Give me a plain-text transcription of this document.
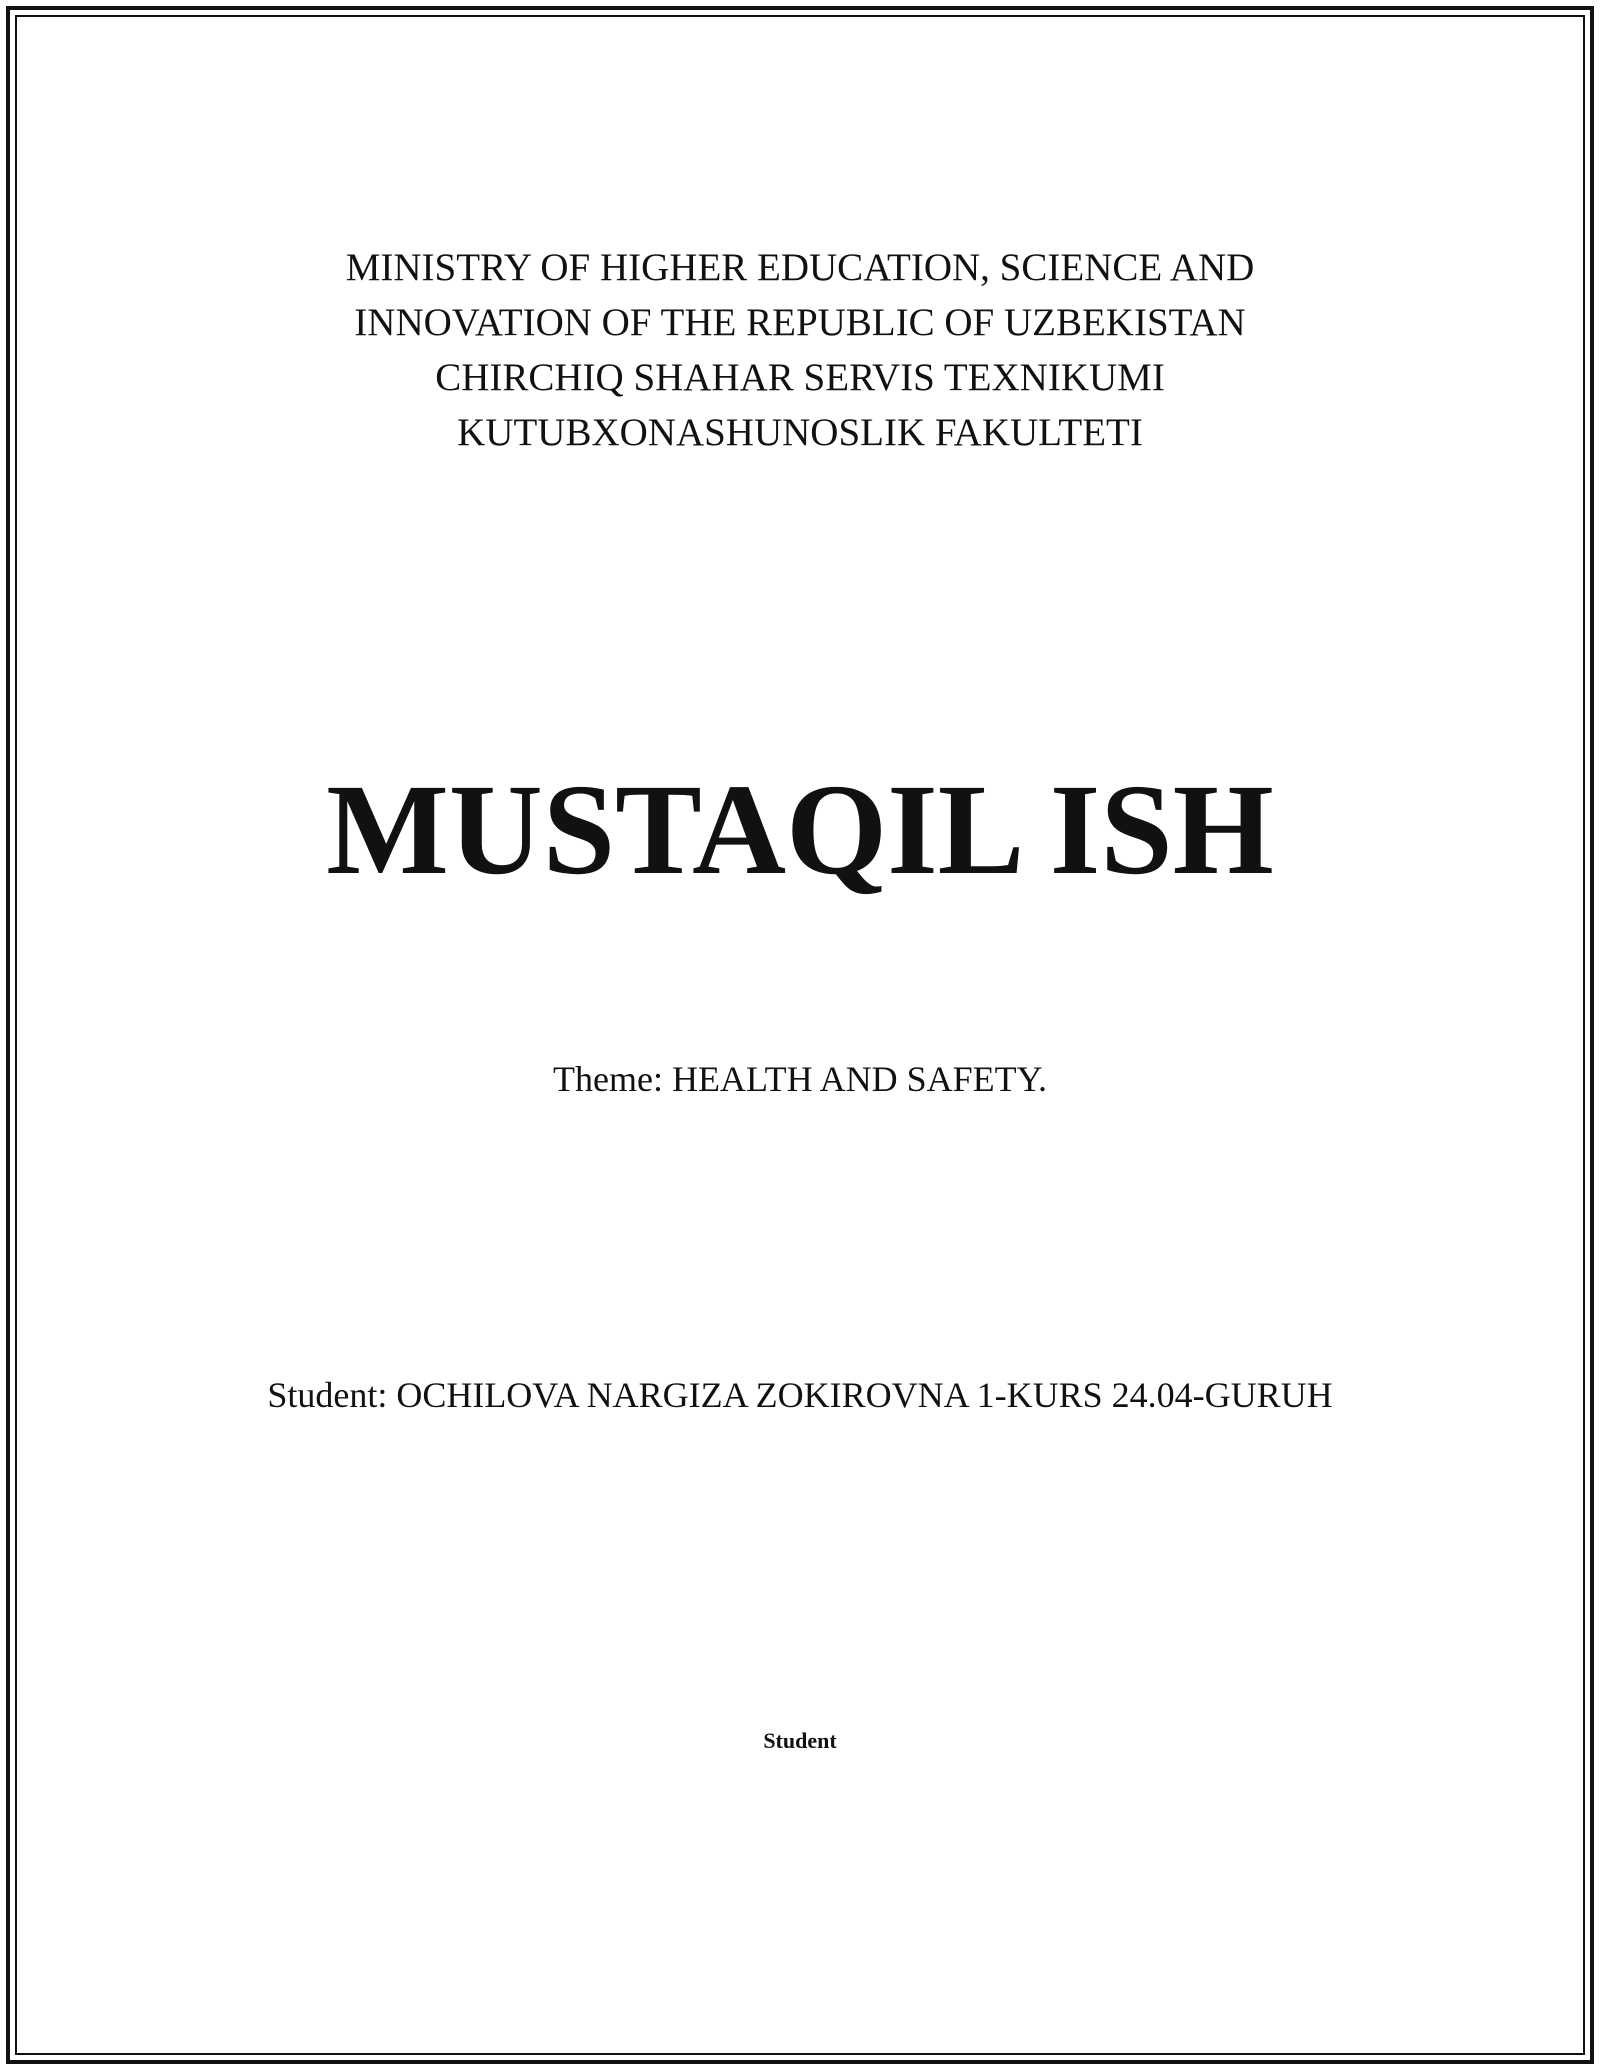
MINISTRY OF HIGHER EDUCATION, SCIENCE AND
INNOVATION OF THE REPUBLIC OF UZBEKISTAN
CHIRCHIQ SHAHAR SERVIS TEXNIKUMI
KUTUBXONASHUNOSLIK FAKULTETI
MUSTAQIL ISH
Theme: HEALTH AND SAFETY.
Student: OCHILOVA NARGIZA ZOKIROVNA 1-KURS 24.04-GURUH
Student
